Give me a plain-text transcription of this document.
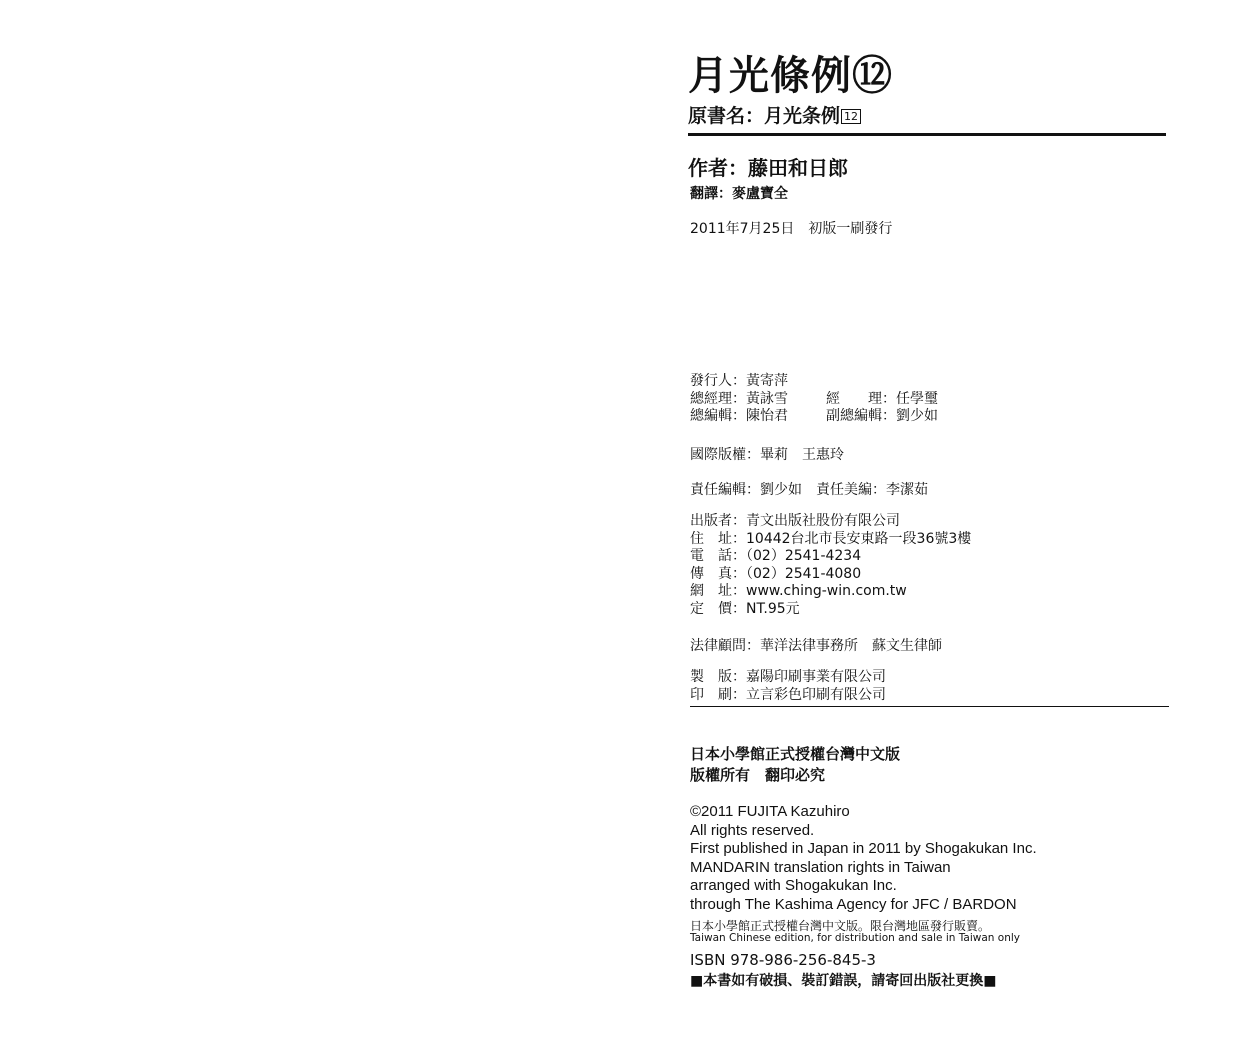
月光條例⑫
原書名：月光条例 12
作者：藤田和日郎
翻譯：麥盧寶全
2011年7月25日　初版一刷發行
發行人：黃寄萍	
總經理：黃詠雪	經　　理：任學璽
總編輯：陳怡君	副總編輯：劉少如
國際版權：畢莉　王惠玲
責任編輯：劉少如　責任美編：李潔茹
出版者：青文出版社股份有限公司
住　址：10442台北市長安東路一段36號3樓
電　話：（02）2541-4234
傳　真：（02）2541-4080
網　址：www.ching-win.com.tw
定　價：NT.95元
法律顧問：華洋法律事務所　蘇文生律師
製　版：嘉陽印刷事業有限公司
印　刷：立言彩色印刷有限公司
日本小學館正式授權台灣中文版
版權所有　翻印必究
©2011 FUJITA Kazuhiro
All rights reserved.
First published in Japan in 2011 by Shogakukan Inc.
MANDARIN translation rights in Taiwan
arranged with Shogakukan Inc.
through The Kashima Agency for JFC / BARDON
日本小學館正式授權台灣中文版。限台灣地區發行販賣。
Taiwan Chinese edition, for distribution and sale in Taiwan only
ISBN 978-986-256-845-3
■本書如有破損、裝訂錯誤，請寄回出版社更換■
